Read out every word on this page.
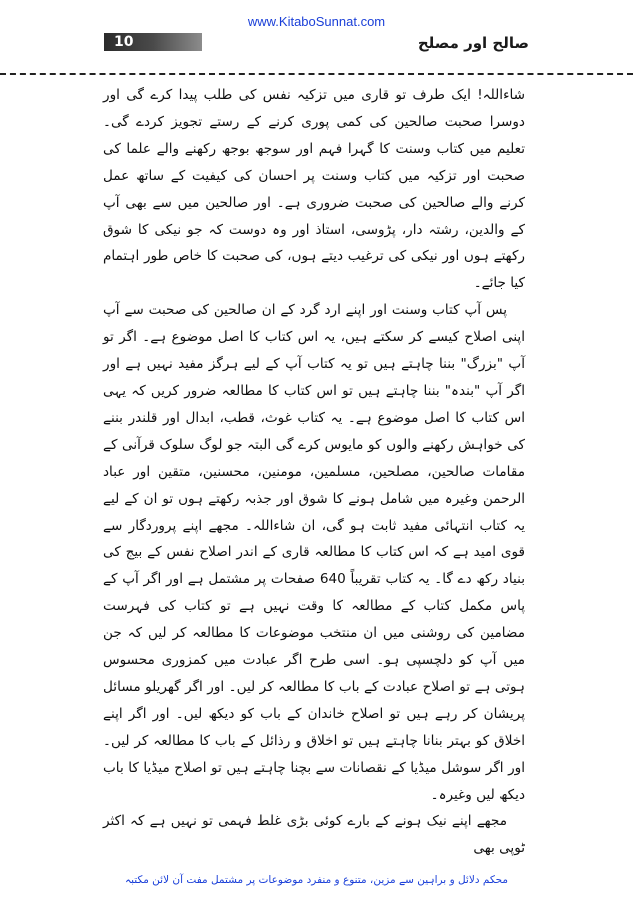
www.KitaboSunnat.com
10	صالح اور مصلح

شاءاللہ! ایک طرف تو قاری میں تزکیہ نفس کی طلب پیدا کرے گی اور دوسرا صحبت صالحین کی کمی پوری کرنے کے رستے تجویز کردے گی۔ تعلیم میں کتاب وسنت کا گہرا فہم اور سوجھ بوجھ رکھنے والے علما کی صحبت اور تزکیہ میں کتاب وسنت پر احسان کی کیفیت کے ساتھ عمل کرنے والے صالحین کی صحبت ضروری ہے۔ اور صالحین میں سے بھی آپ کے والدین، رشتہ دار، پڑوسی، استاذ اور وہ دوست کہ جو نیکی کا شوق رکھتے ہوں اور نیکی کی ترغیب دیتے ہوں، کی صحبت کا خاص طور اہتمام کیا جائے۔

پس آپ کتاب وسنت اور اپنے ارد گرد کے ان صالحین کی صحبت سے آپ اپنی اصلاح کیسے کر سکتے ہیں، یہ اس کتاب کا اصل موضوع ہے۔ اگر تو آپ "بزرگ" بننا چاہتے ہیں تو یہ کتاب آپ کے لیے ہرگز مفید نہیں ہے اور اگر آپ "بندہ" بننا چاہتے ہیں تو اس کتاب کا مطالعہ ضرور کریں کہ یہی اس کتاب کا اصل موضوع ہے۔ یہ کتاب غوث، قطب، ابدال اور قلندر بننے کی خواہش رکھنے والوں کو مایوس کرے گی البتہ جو لوگ سلوک قرآنی کے مقامات صالحین، مصلحین، مسلمین، مومنین، محسنین، متقین اور عباد الرحمن وغیرہ میں شامل ہونے کا شوق اور جذبہ رکھتے ہوں تو ان کے لیے یہ کتاب انتہائی مفید ثابت ہو گی، ان شاءاللہ۔ مجھے اپنے پروردگار سے قوی امید ہے کہ اس کتاب کا مطالعہ قاری کے اندر اصلاح نفس کے بیج کی بنیاد رکھ دے گا۔ یہ کتاب تقریباً 640 صفحات پر مشتمل ہے اور اگر آپ کے پاس مکمل کتاب کے مطالعہ کا وقت نہیں ہے تو کتاب کی فہرست مضامین کی روشنی میں ان منتخب موضوعات کا مطالعہ کر لیں کہ جن میں آپ کو دلچسپی ہو۔ اسی طرح اگر عبادت میں کمزوری محسوس ہوتی ہے تو اصلاح عبادت کے باب کا مطالعہ کر لیں۔ اور اگر گھریلو مسائل پریشان کر رہے ہیں تو اصلاح خاندان کے باب کو دیکھ لیں۔ اور اگر اپنے اخلاق کو بہتر بنانا چاہتے ہیں تو اخلاق و رذائل کے باب کا مطالعہ کر لیں۔ اور اگر سوشل میڈیا کے نقصانات سے بچنا چاہتے ہیں تو اصلاح میڈیا کا باب دیکھ لیں وغیرہ۔

مجھے اپنے نیک ہونے کے بارے کوئی بڑی غلط فہمی تو نہیں ہے کہ اکثر ٹوپی بھی

محکم دلائل و براہین سے مزین، متنوع و منفرد موضوعات پر مشتمل مفت آن لائن مکتبہ
